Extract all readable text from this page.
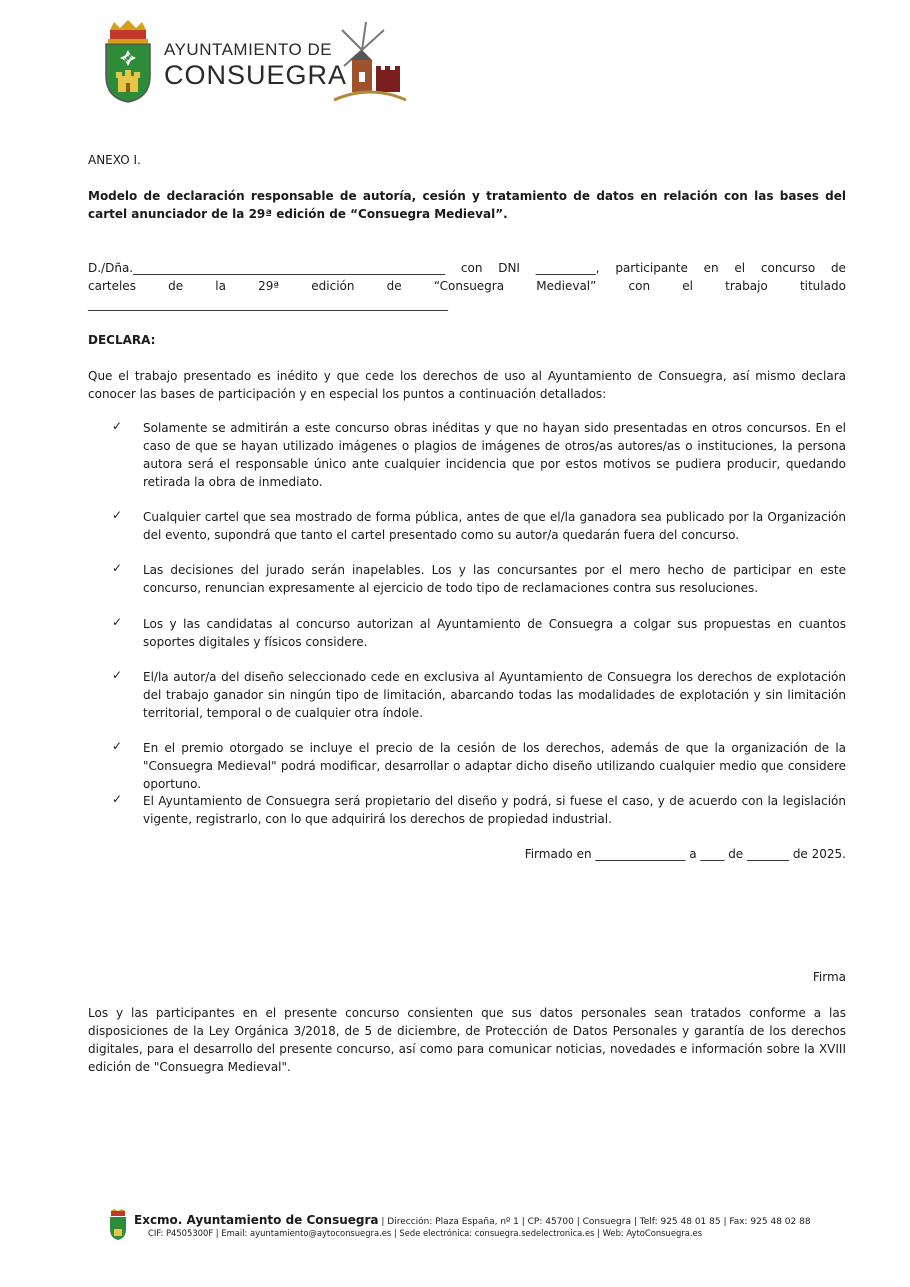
AYUNTAMIENTO DE
CONSUEGRA
ANEXO I.
Modelo de declaración responsable de autoría, cesión y tratamiento de datos en relación con las bases del cartel anunciador de la 29ª edición de “Consuegra Medieval”.
D./Dña.____________________________________________________ con DNI __________, participante en el concurso de
carteles	de	la	29ª	edición	de	“Consuegra	Medieval”	con	el	trabajo	titulado
____________________________________________________________
DECLARA:
Que el trabajo presentado es inédito y que cede los derechos de uso al Ayuntamiento de Consuegra, así mismo declara conocer las bases de participación y en especial los puntos a continuación detallados:
✓ Solamente se admitirán a este concurso obras inéditas y que no hayan sido presentadas en otros concursos. En el caso de que se hayan utilizado imágenes o plagios de imágenes de otros/as autores/as o instituciones, la persona autora será el responsable único ante cualquier incidencia que por estos motivos se pudiera producir, quedando retirada la obra de inmediato.
✓ Cualquier cartel que sea mostrado de forma pública, antes de que el/la ganadora sea publicado por la Organización del evento, supondrá que tanto el cartel presentado como su autor/a quedarán fuera del concurso.
✓ Las decisiones del jurado serán inapelables. Los y las concursantes por el mero hecho de participar en este concurso, renuncian expresamente al ejercicio de todo tipo de reclamaciones contra sus resoluciones.
✓ Los y las candidatas al concurso autorizan al Ayuntamiento de Consuegra a colgar sus propuestas en cuantos soportes digitales y físicos considere.
✓ El/la autor/a del diseño seleccionado cede en exclusiva al Ayuntamiento de Consuegra los derechos de explotación del trabajo ganador sin ningún tipo de limitación, abarcando todas las modalidades de explotación y sin limitación territorial, temporal o de cualquier otra índole.
✓ En el premio otorgado se incluye el precio de la cesión de los derechos, además de que la organización de la "Consuegra Medieval" podrá modificar, desarrollar o adaptar dicho diseño utilizando cualquier medio que considere oportuno.
✓ El Ayuntamiento de Consuegra será propietario del diseño y podrá, si fuese el caso, y de acuerdo con la legislación vigente, registrarlo, con lo que adquirirá los derechos de propiedad industrial.
Firmado en _______________ a ____ de _______ de 2025.
Firma
Los y las participantes en el presente concurso consienten que sus datos personales sean tratados conforme a las disposiciones de la Ley Orgánica 3/2018, de 5 de diciembre, de Protección de Datos Personales y garantía de los derechos digitales, para el desarrollo del presente concurso, así como para comunicar noticias, novedades e información sobre la XVIII edición de "Consuegra Medieval".
Excmo. Ayuntamiento de Consuegra | Dirección: Plaza España, nº 1 | CP: 45700 | Consuegra | Telf: 925 48 01 85 | Fax: 925 48 02 88
CIF: P4505300F | Email: ayuntamiento@aytoconsuegra.es | Sede electrónica: consuegra.sedelectronica.es | Web: AytoConsuegra.es
